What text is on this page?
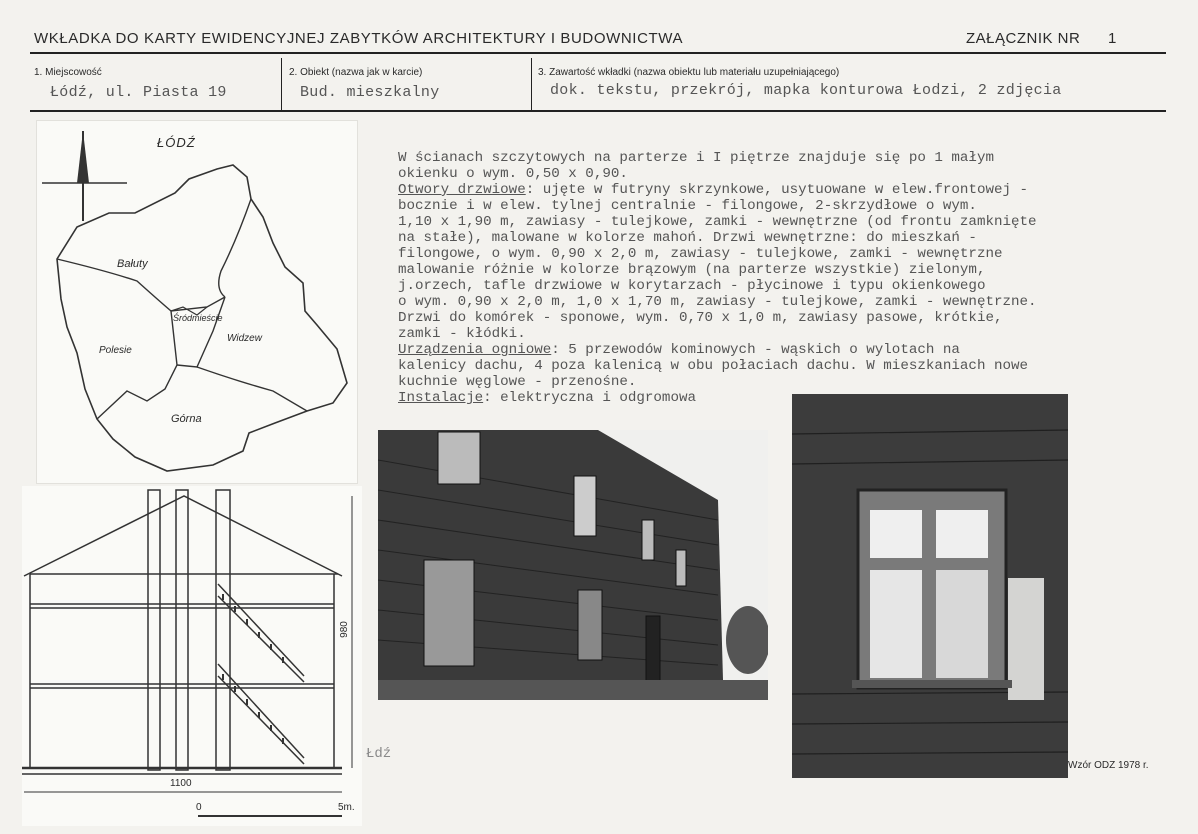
WKŁADKA DO KARTY EWIDENCYJNEJ ZABYTKÓW ARCHITEKTURY I BUDOWNICTWA	ZAŁĄCZNIK NR 1
1. Miejscowość
Łódź, ul. Piasta 19
2. Obiekt (nazwa jak w karcie)
Bud. mieszkalny
3. Zawartość wkładki (nazwa obiektu lub materiału uzupełniającego)
dok. tekstu, przekrój, mapka konturowa Łodzi, 2 zdjęcia
ŁÓDŹ
Bałuty
Śródmieście
Widzew
Polesie
Górna
980
1100
0	5m.
W ścianach szczytowych na parterze i I piętrze znajduje się po 1 małym
okienku o wym. 0,50 x 0,90.
Otwory drzwiowe: ujęte w futryny skrzynkowe, usytuowane w elew.frontowej -
bocznie i w elew. tylnej centralnie - filongowe, 2-skrzydłowe o wym.
1,10 x 1,90 m, zawiasy - tulejkowe, zamki - wewnętrzne (od frontu zamknięte
na stałe), malowane w kolorze mahoń. Drzwi wewnętrzne: do mieszkań -
filongowe, o wym. 0,90 x 2,0 m, zawiasy - tulejkowe, zamki - wewnętrzne
malowanie różnie w kolorze brązowym (na parterze wszystkie) zielonym,
j.orzech, tafle drzwiowe w korytarzach - płycinowe i typu okienkowego
o wym. 0,90 x 2,0 m, 1,0 x 1,70 m, zawiasy - tulejkowe, zamki - wewnętrzne.
Drzwi do komórek - sponowe, wym. 0,70 x 1,0 m, zawiasy pasowe, krótkie,
zamki - kłódki.
Urządzenia ogniowe: 5 przewodów kominowych - wąskich o wylotach na
kalenicy dachu, 4 poza kalenicą w obu połaciach dachu. W mieszkaniach nowe
kuchnie węglowe - przenośne.
Instalacje: elektryczna i odgromowa
Łdź
Wzór ODZ 1978 r.
